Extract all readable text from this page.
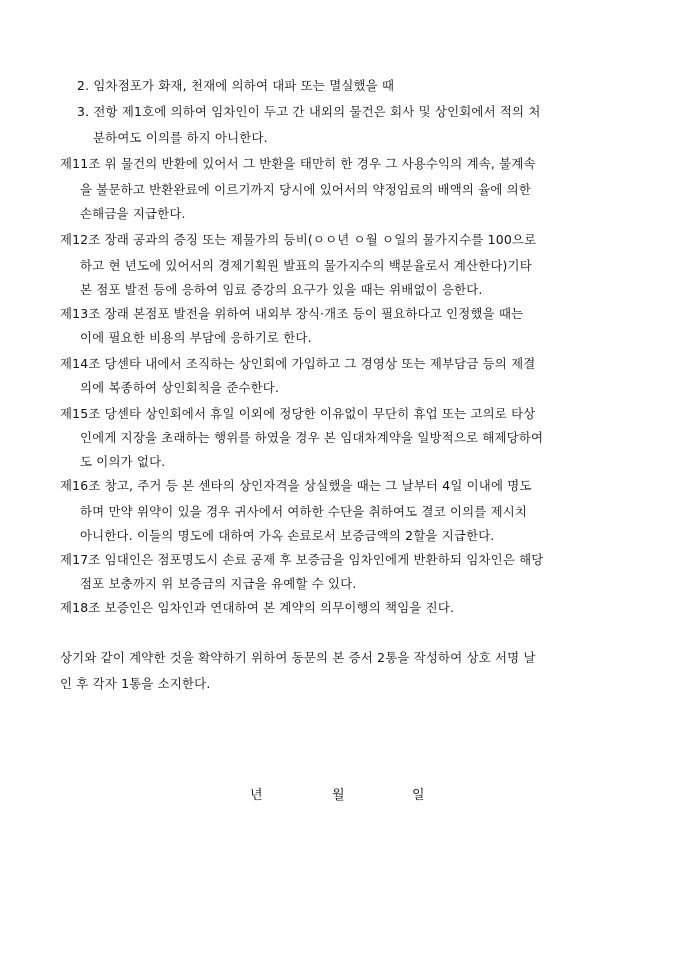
2. 임차점포가 화재, 천재에 의하여 대파 또는 멸실했을 때
3. 전항 제1호에 의하여 임차인이 두고 간 내외의 물건은 회사 및 상인회에서 적의 처
분하여도 이의를 하지 아니한다.
제11조 위 물건의 반환에 있어서 그 반환을 태만히 한 경우 그 사용수익의 계속, 불계속
을 불문하고 반환완료에 이르기까지 당시에 있어서의 약정임료의 배액의 율에 의한
손해금을 지급한다.
제12조 장래 공과의 증징 또는 제물가의 등비(ㅇㅇ년 ㅇ월 ㅇ일의 물가지수를 100으로
하고 현 년도에 있어서의 경제기획원 발표의 물가지수의 백분율로서 계산한다)기타
본 점포 발전 등에 응하여 임료 증강의 요구가 있을 때는 위배없이 응한다.
제13조 장래 본점포 발전을 위하여 내외부 장식·개조 등이 필요하다고 인정했을 때는
이에 필요한 비용의 부담에 응하기로 한다.
제14조 당센타 내에서 조직하는 상인회에 가입하고 그 경영상 또는 제부담금 등의 제결
의에 복종하여 상인회칙을 준수한다.
제15조 당센타 상인회에서 휴일 이외에 정당한 이유없이 무단히 휴업 또는 고의로 타상
인에게 지장을 초래하는 행위를 하였을 경우 본 임대차계약을 일방적으로 해제당하여
도 이의가 없다.
제16조 창고, 주거 등 본 센타의 상인자격을 상실했을 때는 그 날부터 4일 이내에 명도
하며 만약 위약이 있을 경우 귀사에서 여하한 수단을 취하여도 결코 이의를 제시치
아니한다. 이들의 명도에 대하여 가옥 손료로서 보증금액의 2할을 지급한다.
제17조 임대인은 점포명도시 손료 공제 후 보증금을 임차인에게 반환하되 임차인은 해당
점포 보충까지 위 보증금의 지급을 유예할 수 있다.
제18조 보증인은 임차인과 연대하여 본 계약의 의무이행의 책임을 진다.
상기와 같이 계약한 것을 확약하기 위하여 동문의 본 증서 2통을 작성하여 상호 서명 날
인 후 각자 1통을 소지한다.
년	월	일
